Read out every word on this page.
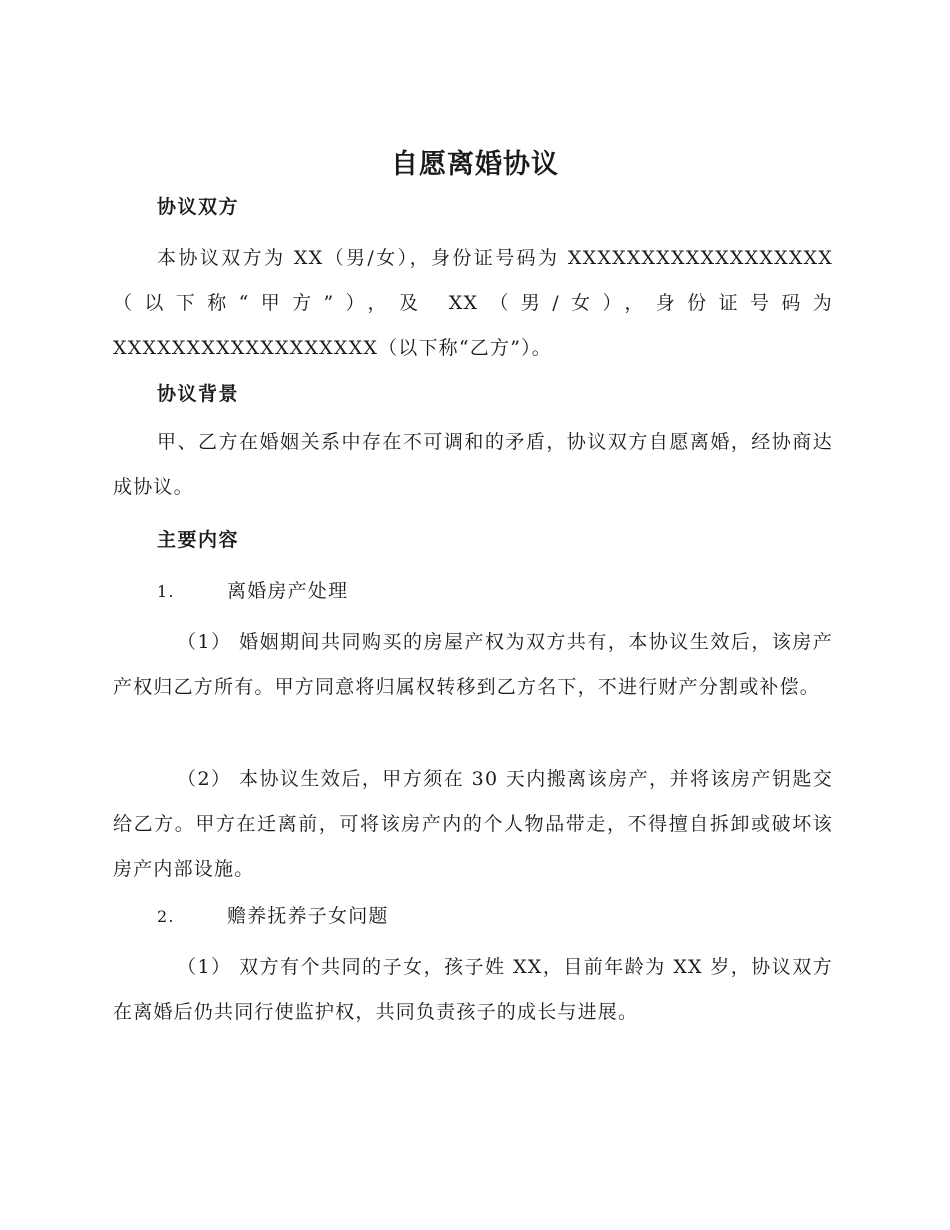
自愿离婚协议
协议双方

本协议双方为 XX（男/女），身份证号码为 XXXXXXXXXXXXXXXXXX（以下称“甲方”），及 XX（男/女），身份证号码为 XXXXXXXXXXXXXXXXXX（以下称“乙方”）。

协议背景

甲、乙方在婚姻关系中存在不可调和的矛盾，协议双方自愿离婚，经协商达成协议。

主要内容
1.	离婚房产处理

（1） 婚姻期间共同购买的房屋产权为双方共有，本协议生效后，该房产产权归乙方所有。甲方同意将归属权转移到乙方名下，不进行财产分割或补偿。

（2） 本协议生效后，甲方须在 30 天内搬离该房产，并将该房产钥匙交给乙方。甲方在迁离前，可将该房产内的个人物品带走，不得擅自拆卸或破坏该房产内部设施。

2.	赡养抚养子女问题

（1） 双方有个共同的子女，孩子姓 XX，目前年龄为 XX 岁，协议双方在离婚后仍共同行使监护权，共同负责孩子的成长与进展。
